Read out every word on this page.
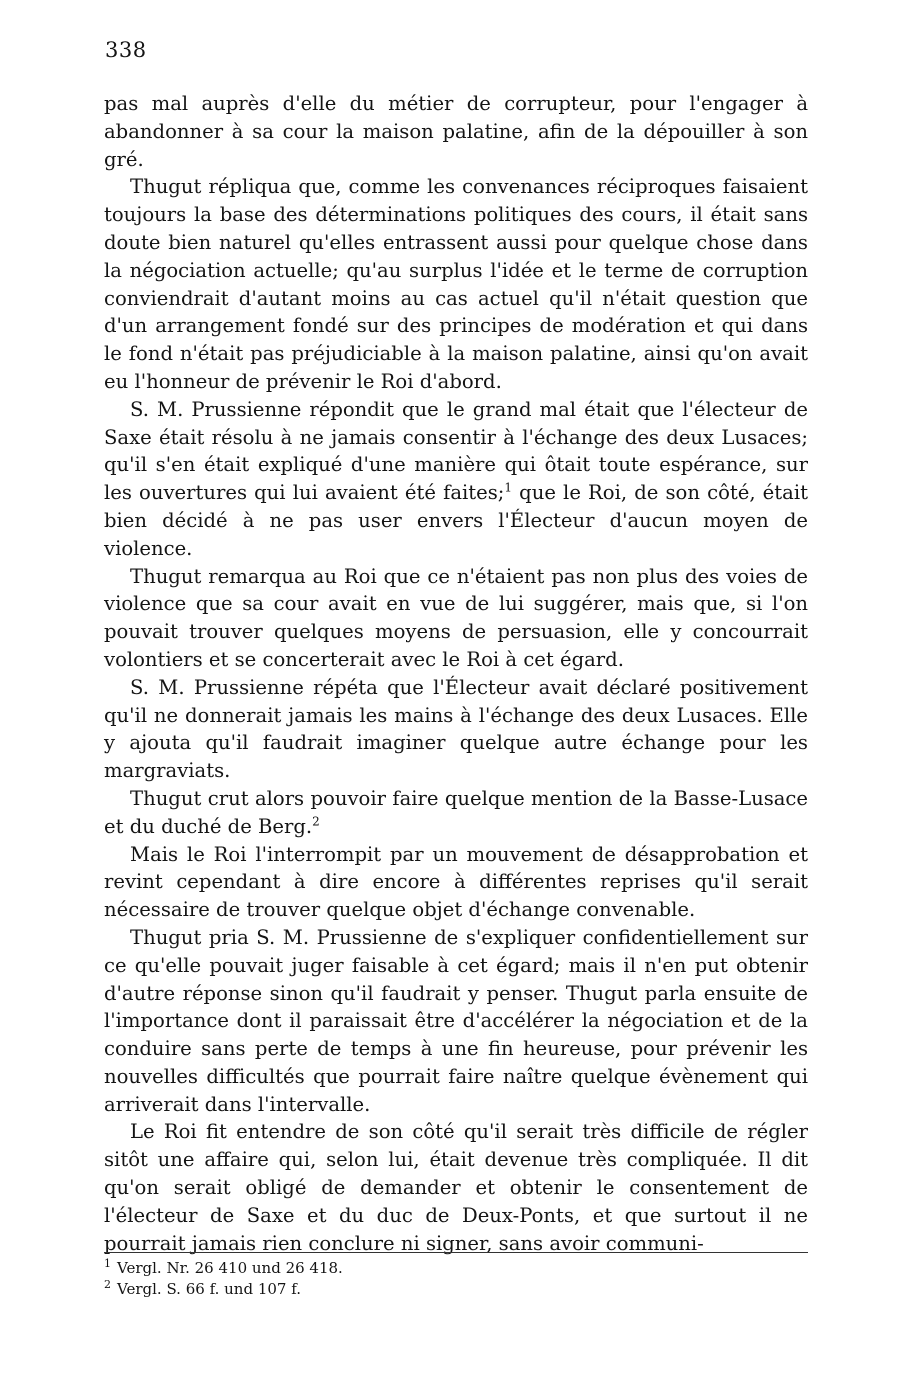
338

pas mal auprès d'elle du métier de corrupteur, pour l'engager à abandonner à sa cour la maison palatine, afin de la dépouiller à son gré.

Thugut répliqua que, comme les convenances réciproques faisaient toujours la base des déterminations politiques des cours, il était sans doute bien naturel qu'elles entrassent aussi pour quelque chose dans la négociation actuelle; qu'au surplus l'idée et le terme de corruption conviendrait d'autant moins au cas actuel qu'il n'était question que d'un arrangement fondé sur des principes de modération et qui dans le fond n'était pas préjudiciable à la maison palatine, ainsi qu'on avait eu l'honneur de prévenir le Roi d'abord.

S. M. Prussienne répondit que le grand mal était que l'électeur de Saxe était résolu à ne jamais consentir à l'échange des deux Lusaces; qu'il s'en était expliqué d'une manière qui ôtait toute espérance, sur les ouvertures qui lui avaient été faites;$^1$ que le Roi, de son côté, était bien décidé à ne pas user envers l'Électeur d'aucun moyen de violence.

Thugut remarqua au Roi que ce n'étaient pas non plus des voies de violence que sa cour avait en vue de lui suggérer, mais que, si l'on pouvait trouver quelques moyens de persuasion, elle y concourrait volontiers et se concerterait avec le Roi à cet égard.

S. M. Prussienne répéta que l'Électeur avait déclaré positivement qu'il ne donnerait jamais les mains à l'échange des deux Lusaces. Elle y ajouta qu'il faudrait imaginer quelque autre échange pour les margraviats.

Thugut crut alors pouvoir faire quelque mention de la Basse-Lusace et du duché de Berg.$^2$

Mais le Roi l'interrompit par un mouvement de désapprobation et revint cependant à dire encore à différentes reprises qu'il serait nécessaire de trouver quelque objet d'échange convenable.

Thugut pria S. M. Prussienne de s'expliquer confidentiellement sur ce qu'elle pouvait juger faisable à cet égard; mais il n'en put obtenir d'autre réponse sinon qu'il faudrait y penser. Thugut parla ensuite de l'importance dont il paraissait être d'accélérer la négociation et de la conduire sans perte de temps à une fin heureuse, pour prévenir les nouvelles difficultés que pourrait faire naître quelque évènement qui arriverait dans l'intervalle.

Le Roi fit entendre de son côté qu'il serait très difficile de régler sitôt une affaire qui, selon lui, était devenue très compliquée. Il dit qu'on serait obligé de demander et obtenir le consentement de l'électeur de Saxe et du duc de Deux-Ponts, et que surtout il ne pourrait jamais rien conclure ni signer, sans avoir communi-

$^1$ Vergl. Nr. 26 410 und 26 418.

$^2$ Vergl. S. 66 f. und 107 f.
